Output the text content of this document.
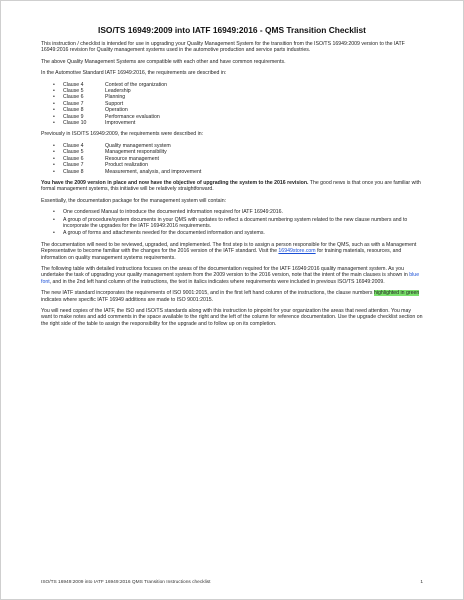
ISO/TS 16949:2009 into IATF 16949:2016 - QMS Transition Checklist

This instruction / checklist is intended for use in upgrading your Quality Management System for the transition from the ISO/TS 16949:2009 version to the IATF 16949:2016 revision for Quality management systems used in the automotive production and service parts industries.

The above Quality Management Systems are compatible with each other and have common requirements.

In the Automotive Standard IATF 16949:2016, the requirements are described in:

•	Clause 4	Context of the organization
•	Clause 5	Leadership
•	Clause 6	Planning
•	Clause 7	Support
•	Clause 8	Operation
•	Clause 9	Performance evaluation
•	Clause 10	Improvement

Previously in ISO/TS 16949:2009, the requirements were described in:

•	Clause 4	Quality management system
•	Clause 5	Management responsibility
•	Clause 6	Resource management
•	Clause 7	Product realization
•	Clause 8	Measurement, analysis, and improvement

You have the 2009 version in place and now have the objective of upgrading the system to the 2016 revision. The good news is that once you are familiar with formal management systems, this initiative will be relatively straightforward.

Essentially, the documentation package for the management system will contain:

•	One condensed Manual to introduce the documented information required for IATF 16949:2016.
•	A group of procedure/system documents in your QMS with updates to reflect a document numbering system related to the new clause numbers and to incorporate the upgrades for the IATF 16949:2016 requirements.
•	A group of forms and attachments needed for the documented information and systems.

The documentation will need to be reviewed, upgraded, and implemented. The first step is to assign a person responsible for the QMS, such as with a Management Representative to become familiar with the changes for the 2016 version of the IATF standard. Visit the 16949store.com for training materials, resources, and information on quality management systems requirements.

The following table with detailed instructions focuses on the areas of the documentation required for the IATF 16949:2016 quality management system. As you undertake the task of upgrading your quality management system from the 2009 version to the 2016 version, note that the intent of the main clauses is shown in blue font, and in the 2nd left hand column of the instructions, the text in italics indicates where requirements were included in previous ISO/TS 16949:2009.

The new IATF standard incorporates the requirements of ISO 9001:2015, and in the first left hand column of the instructions, the clause numbers highlighted in green indicates where specific IATF 16949 additions are made to ISO 9001:2015.

You will need copies of the IATF, the ISO and ISO/TS standards along with this instruction to pinpoint for your organization the areas that need attention. You may want to make notes and add comments in the space available to the right and the left of the column for reference documentation. Use the upgrade checklist section on the right side of the table to assign the responsibility for the upgrade and to follow up on its completion.

ISO/TS 16949:2009 into IATF 16949:2016 QMS Transition Instructions checklist	1
